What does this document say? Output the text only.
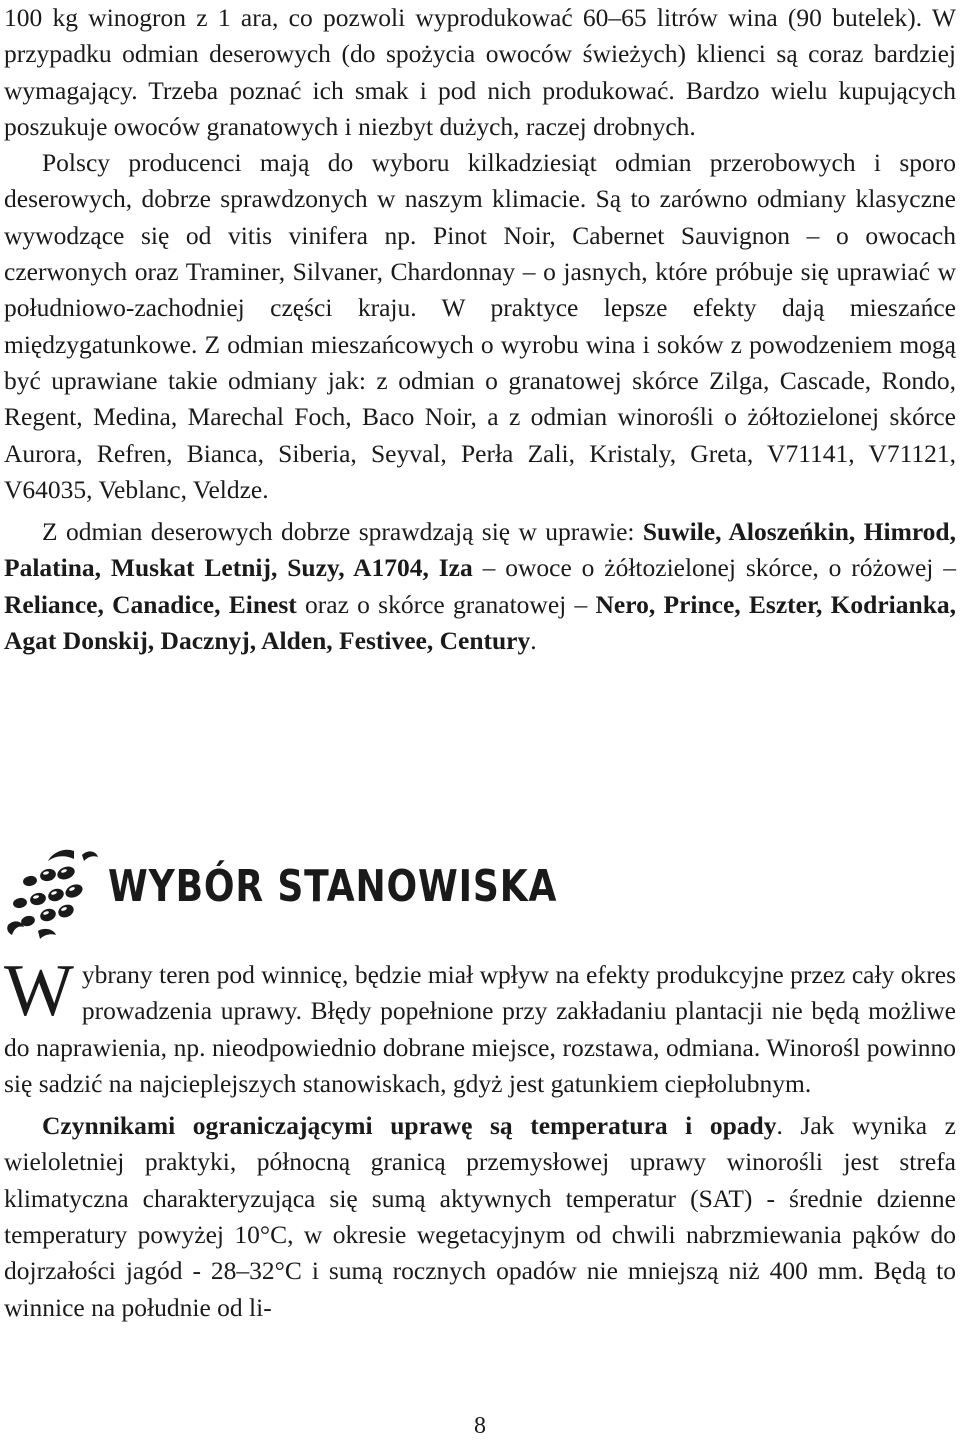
100 kg winogron z 1 ara, co pozwoli wyprodukować 60–65 litrów wina (90 butelek). W przypadku odmian deserowych (do spożycia owoców świeżych) klienci są coraz bardziej wymagający. Trzeba poznać ich smak i pod nich produkować. Bardzo wielu kupujących poszukuje owoców granatowych i niezbyt dużych, raczej drobnych.

Polscy producenci mają do wyboru kilkadziesiąt odmian przerobowych i sporo deserowych, dobrze sprawdzonych w naszym klimacie. Są to zarówno odmiany klasyczne wywodzące się od vitis vinifera np. Pinot Noir, Cabernet Sauvignon – o owocach czerwonych oraz Traminer, Silvaner, Chardonnay – o jasnych, które próbuje się uprawiać w południowo-zachodniej części kraju. W praktyce lepsze efekty dają mieszańce międzygatunkowe. Z odmian mieszańcowych o wyrobu wina i soków z powodzeniem mogą być uprawiane takie odmiany jak: z odmian o granatowej skórce Zilga, Cascade, Rondo, Regent, Medina, Marechal Foch, Baco Noir, a z odmian winorośli o żółtozielonej skórce Aurora, Refren, Bianca, Siberia, Seyval, Perła Zali, Kristaly, Greta, V71141, V71121, V64035, Veblanc, Veldze.

Z odmian deserowych dobrze sprawdzają się w uprawie: Suwile, Aloszeńkin, Himrod, Palatina, Muskat Letnij, Suzy, A1704, Iza – owoce o żółtozielonej skórce, o różowej – Reliance, Canadice, Einest oraz o skórce granatowej – Nero, Prince, Eszter, Kodrianka, Agat Donskij, Dacznyj, Alden, Festivee, Century.

WYBÓR STANOWISKA

Wybrany teren pod winnicę, będzie miał wpływ na efekty produkcyjne przez cały okres prowadzenia uprawy. Błędy popełnione przy zakładaniu plantacji nie będą możliwe do naprawienia, np. nieodpowiednio dobrane miejsce, rozstawa, odmiana. Winorośl powinno się sadzić na najcieplejszych stanowiskach, gdyż jest gatunkiem ciepłolubnym.

Czynnikami ograniczającymi uprawę są temperatura i opady. Jak wynika z wieloletniej praktyki, północną granicą przemysłowej uprawy winorośli jest strefa klimatyczna charakteryzująca się sumą aktywnych temperatur (SAT) - średnie dzienne temperatury powyżej 10°C, w okresie wegetacyjnym od chwili nabrzmiewania pąków do dojrzałości jagód - 28–32°C i sumą rocznych opadów nie mniejszą niż 400 mm. Będą to winnice na południe od li-

8
